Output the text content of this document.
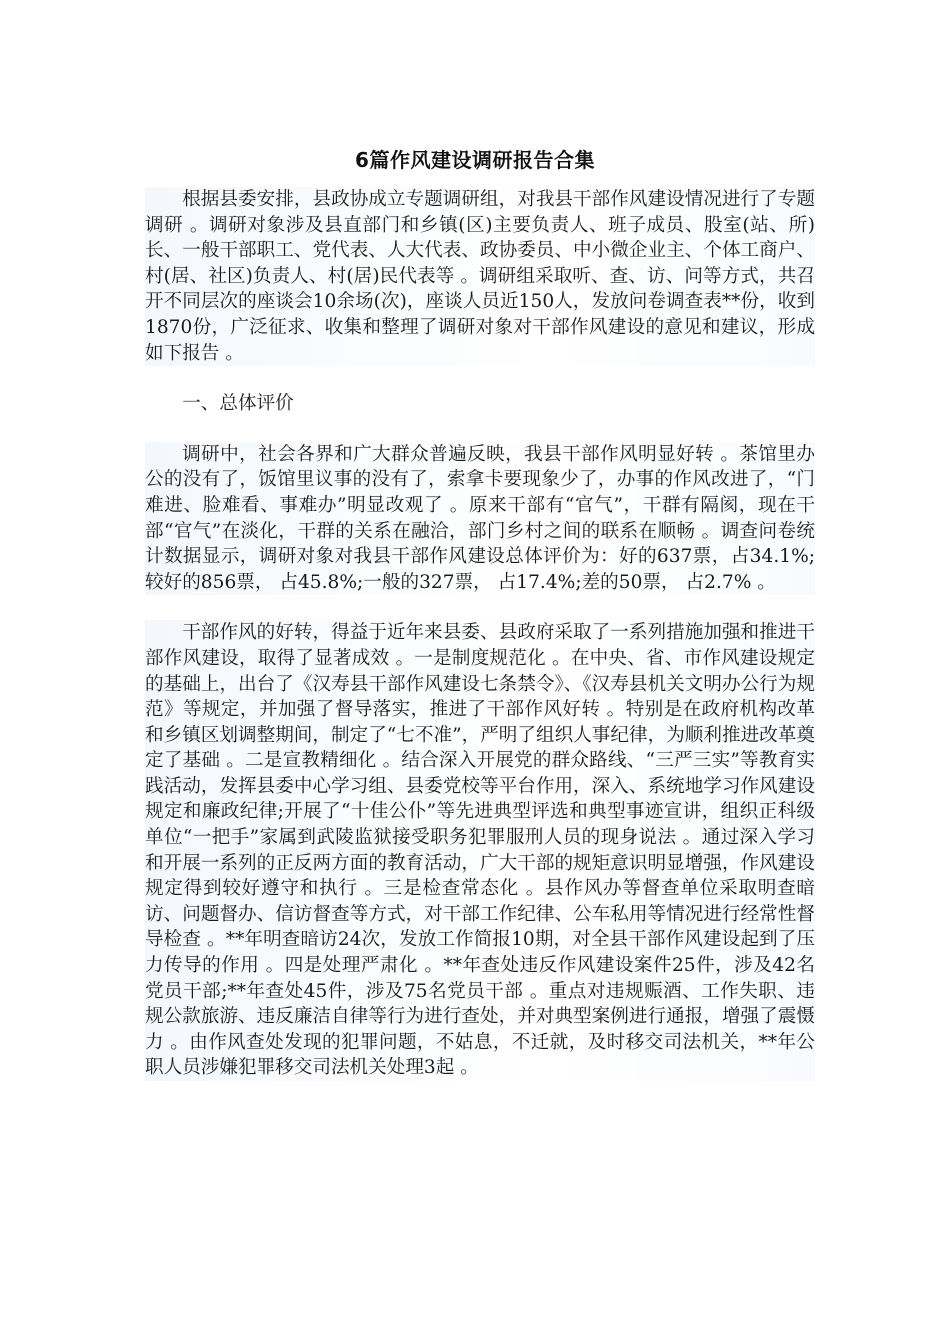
6篇作风建设调研报告合集

根据县委安排，县政协成立专题调研组，对我县干部作风建设情况进行了专题调研 。调研对象涉及县直部门和乡镇(区)主要负责人、班子成员、股室(站、所)长、一般干部职工、党代表、人大代表、政协委员、中小微企业主、个体工商户、村(居、社区)负责人、村(居)民代表等 。调研组采取听、查、访、问等方式，共召开不同层次的座谈会10余场(次)，座谈人员近150人，发放问卷调查表**份，收到1870份，广泛征求、收集和整理了调研对象对干部作风建设的意见和建议，形成如下报告 。

一、总体评价

调研中，社会各界和广大群众普遍反映，我县干部作风明显好转 。茶馆里办公的没有了，饭馆里议事的没有了，索拿卡要现象少了，办事的作风改进了，“门难进、脸难看、事难办”明显改观了 。原来干部有“官气”，干群有隔阂，现在干部“官气”在淡化，干群的关系在融洽，部门乡村之间的联系在顺畅 。调查问卷统计数据显示，调研对象对我县干部作风建设总体评价为：好的637票，占34.1%;较好的856票， 占45.8%;一般的327票， 占17.4%;差的50票， 占2.7% 。

干部作风的好转，得益于近年来县委、县政府采取了一系列措施加强和推进干部作风建设，取得了显著成效 。一是制度规范化 。在中央、省、市作风建设规定的基础上，出台了《汉寿县干部作风建设七条禁令》、《汉寿县机关文明办公行为规范》等规定，并加强了督导落实，推进了干部作风好转 。特别是在政府机构改革和乡镇区划调整期间，制定了“七不准”，严明了组织人事纪律，为顺利推进改革奠定了基础 。二是宣教精细化 。结合深入开展党的群众路线、“三严三实”等教育实践活动，发挥县委中心学习组、县委党校等平台作用，深入、系统地学习作风建设规定和廉政纪律;开展了“十佳公仆”等先进典型评选和典型事迹宣讲，组织正科级单位“一把手”家属到武陵监狱接受职务犯罪服刑人员的现身说法 。通过深入学习和开展一系列的正反两方面的教育活动，广大干部的规矩意识明显增强，作风建设规定得到较好遵守和执行 。三是检查常态化 。县作风办等督查单位采取明查暗访、问题督办、信访督查等方式，对干部工作纪律、公车私用等情况进行经常性督导检查 。**年明查暗访24次，发放工作简报10期，对全县干部作风建设起到了压力传导的作用 。四是处理严肃化 。**年查处违反作风建设案件25件，涉及42名党员干部;**年查处45件，涉及75名党员干部 。重点对违规赈酒、工作失职、违规公款旅游、违反廉洁自律等行为进行查处，并对典型案例进行通报，增强了震慑力 。由作风查处发现的犯罪问题，不姑息，不迁就，及时移交司法机关，**年公职人员涉嫌犯罪移交司法机关处理3起 。
